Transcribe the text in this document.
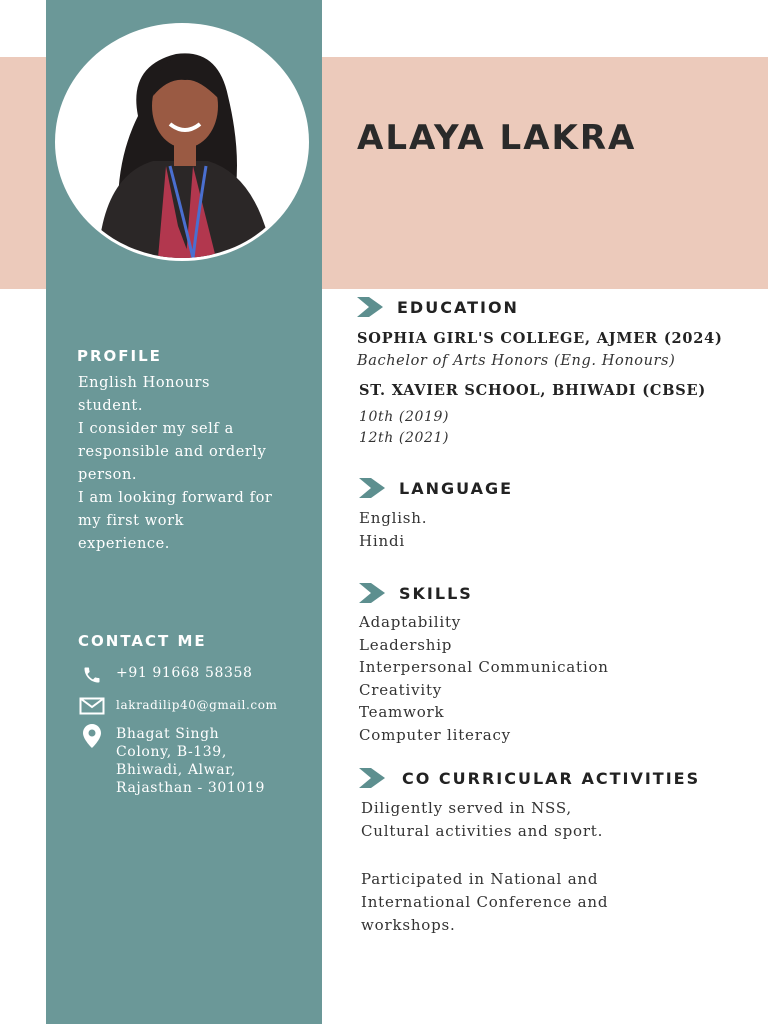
ALAYA LAKRA
PROFILE

English Honours
student.
I consider my self a
responsible and orderly
person.
I am looking forward for
my first work
experience.

CONTACT ME
+91 91668 58358
lakradilip40@gmail.com
Bhagat Singh
Colony, B-139,
Bhiwadi, Alwar,
Rajasthan - 301019
EDUCATION

SOPHIA GIRL'S COLLEGE, AJMER (2024)

Bachelor of Arts Honors (Eng. Honours)

ST. XAVIER SCHOOL, BHIWADI (CBSE)

10th (2019)

12th (2021)

LANGUAGE
English.
Hindi
SKILLS
Adaptability
Leadership
Interpersonal Communication
Creativity
Teamwork
Computer literacy
CO CURRICULAR ACTIVITIES

Diligently served in NSS,
Cultural activities and sport.

Participated in National and
International Conference and
workshops.
